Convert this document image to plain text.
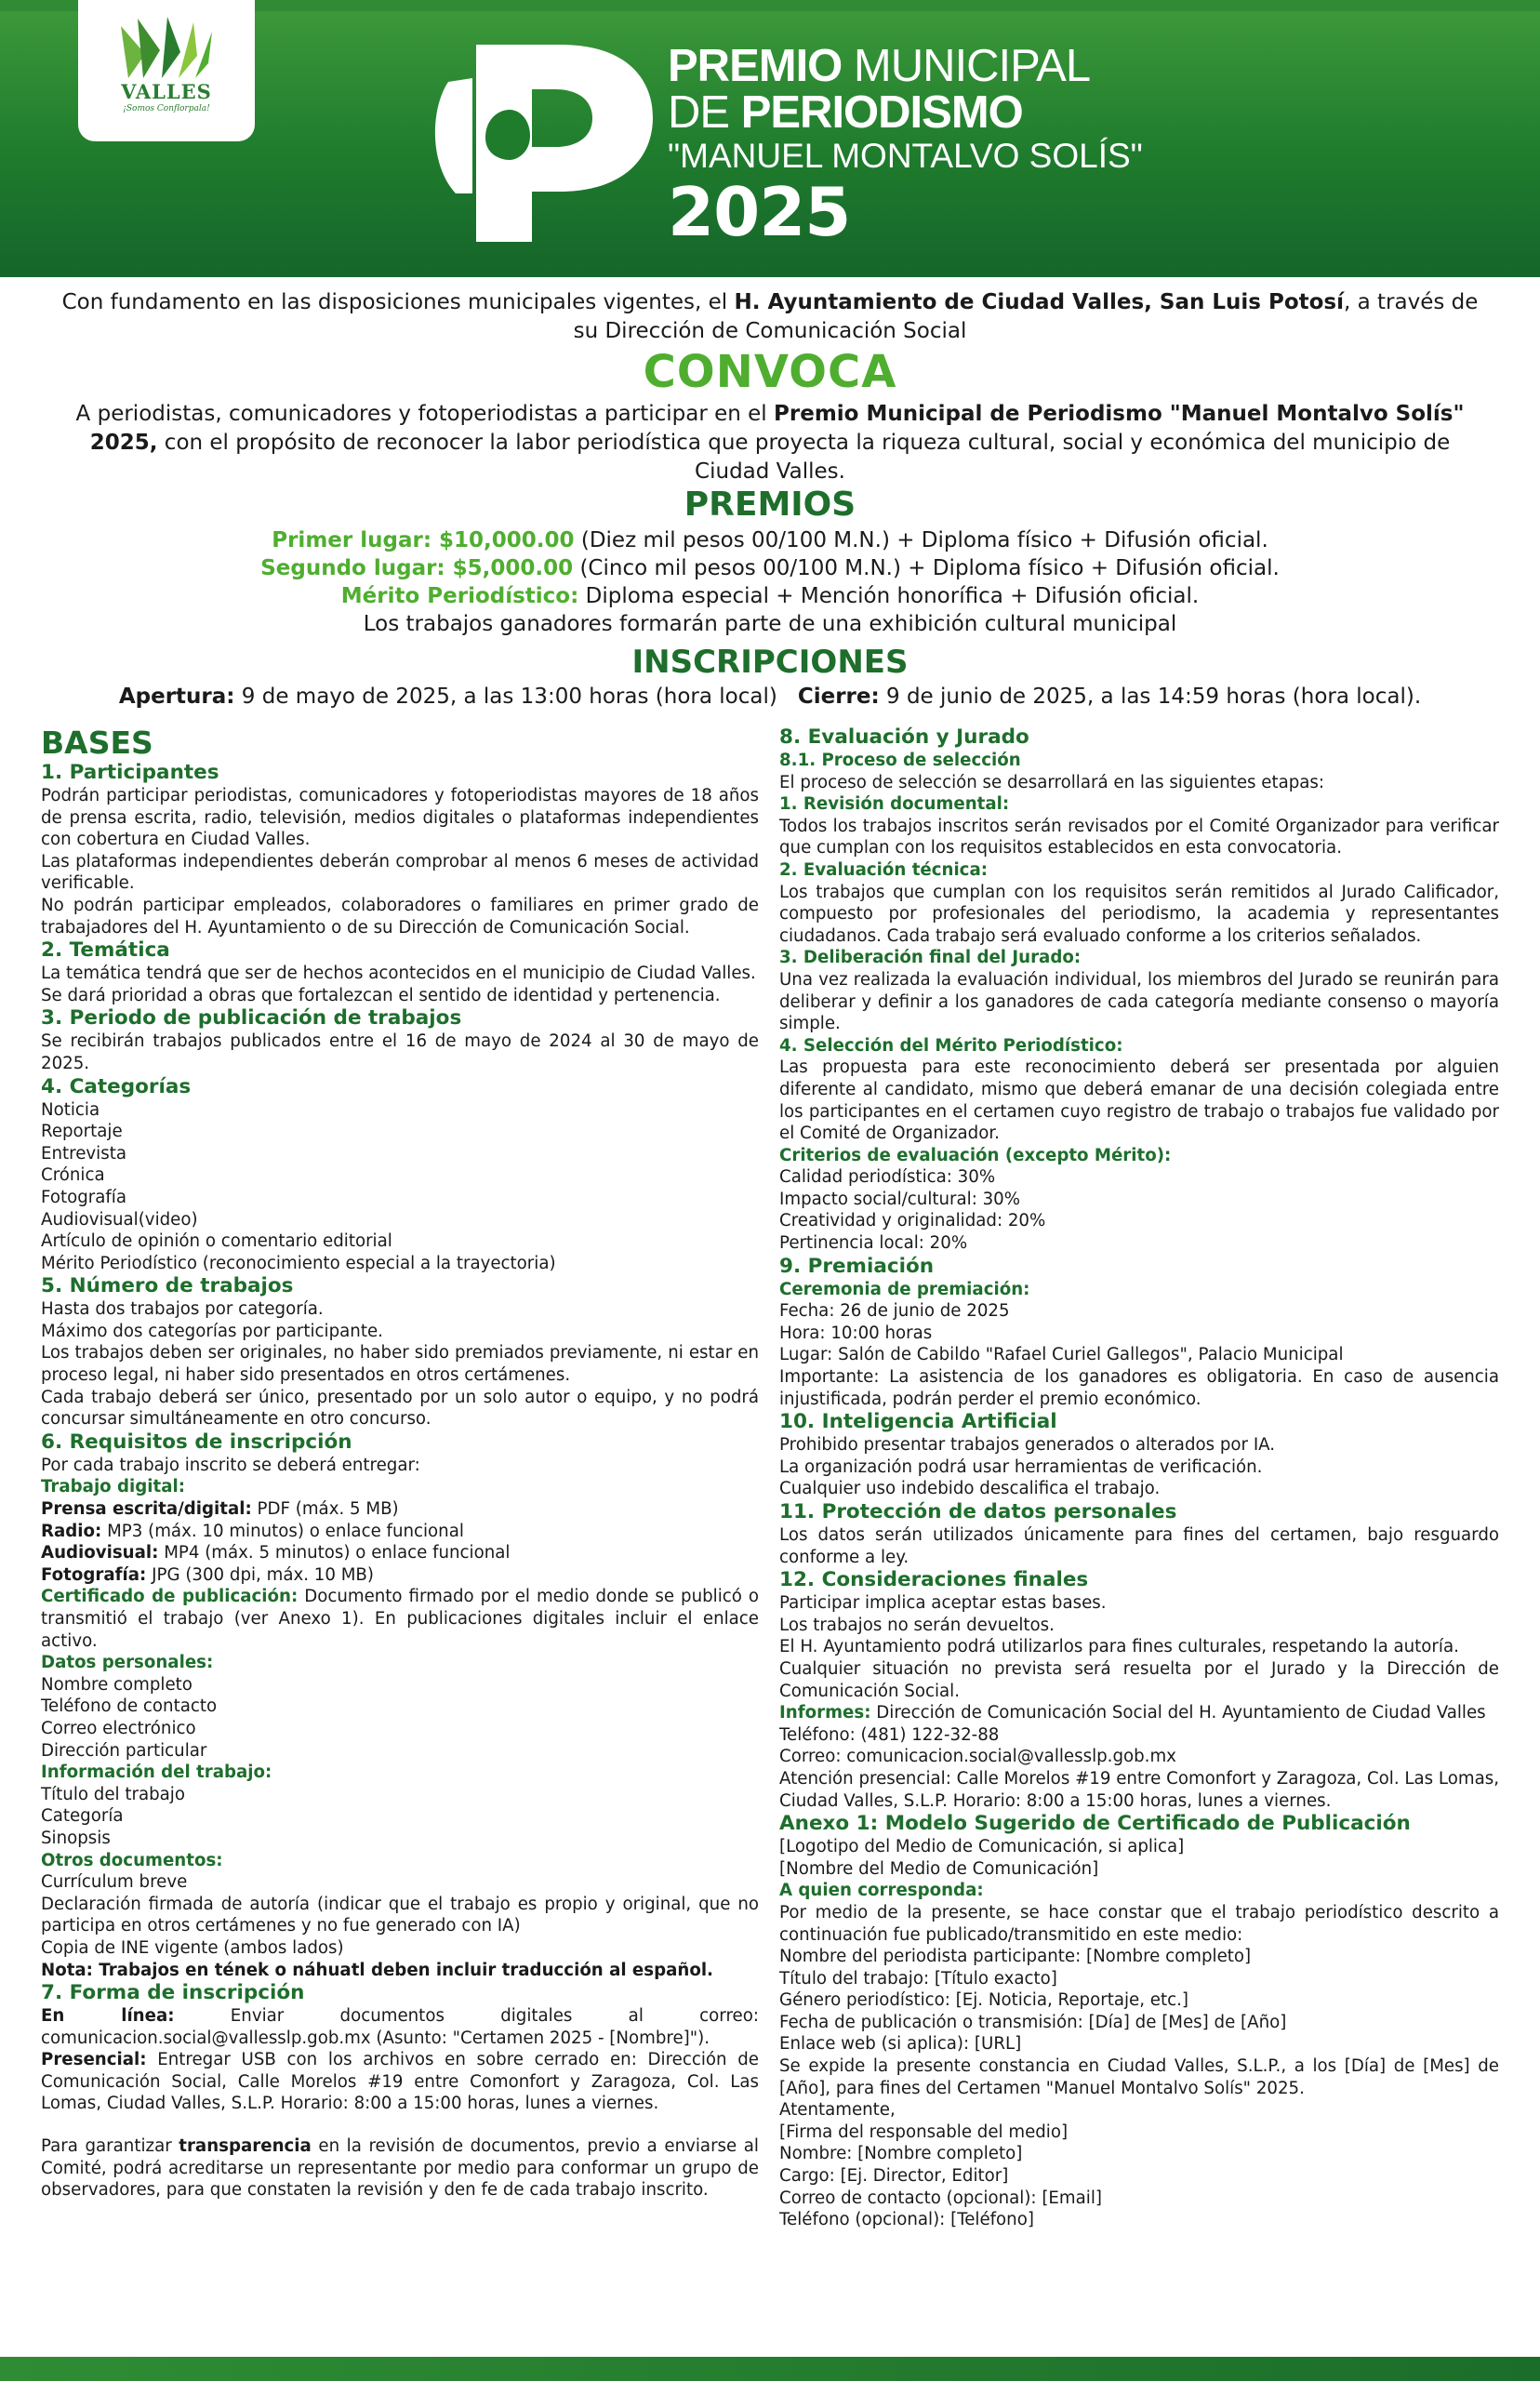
VALLES
¡Somos Conflorpala!
PREMIO MUNICIPAL
DE PERIODISMO
"MANUEL MONTALVO SOLÍS"
2025
Con fundamento en las disposiciones municipales vigentes, el H. Ayuntamiento de Ciudad Valles, San Luis Potosí, a través de su Dirección de Comunicación Social
CONVOCA
A periodistas, comunicadores y fotoperiodistas a participar en el Premio Municipal de Periodismo "Manuel Montalvo Solís" 2025, con el propósito de reconocer la labor periodística que proyecta la riqueza cultural, social y económica del municipio de Ciudad Valles.
PREMIOS
Primer lugar: $10,000.00 (Diez mil pesos 00/100 M.N.) + Diploma físico + Difusión oficial.
Segundo lugar: $5,000.00 (Cinco mil pesos 00/100 M.N.) + Diploma físico + Difusión oficial.
Mérito Periodístico: Diploma especial + Mención honorífica + Difusión oficial.
Los trabajos ganadores formarán parte de una exhibición cultural municipal
INSCRIPCIONES
Apertura: 9 de mayo de 2025, a las 13:00 horas (hora local) Cierre: 9 de junio de 2025, a las 14:59 horas (hora local).
BASES
1. Participantes
Podrán participar periodistas, comunicadores y fotoperiodistas mayores de 18 años de prensa escrita, radio, televisión, medios digitales o plataformas independientes con cobertura en Ciudad Valles.
Las plataformas independientes deberán comprobar al menos 6 meses de actividad verificable.
No podrán participar empleados, colaboradores o familiares en primer grado de trabajadores del H. Ayuntamiento o de su Dirección de Comunicación Social.
2. Temática
La temática tendrá que ser de hechos acontecidos en el municipio de Ciudad Valles.
Se dará prioridad a obras que fortalezcan el sentido de identidad y pertenencia.
3. Periodo de publicación de trabajos
Se recibirán trabajos publicados entre el 16 de mayo de 2024 al 30 de mayo de 2025.
4. Categorías
Noticia
Reportaje
Entrevista
Crónica
Fotografía
Audiovisual(video)
Artículo de opinión o comentario editorial
Mérito Periodístico (reconocimiento especial a la trayectoria)
5. Número de trabajos
Hasta dos trabajos por categoría.
Máximo dos categorías por participante.
Los trabajos deben ser originales, no haber sido premiados previamente, ni estar en proceso legal, ni haber sido presentados en otros certámenes.
Cada trabajo deberá ser único, presentado por un solo autor o equipo, y no podrá concursar simultáneamente en otro concurso.
6. Requisitos de inscripción
Por cada trabajo inscrito se deberá entregar:
Trabajo digital:
Prensa escrita/digital: PDF (máx. 5 MB)
Radio: MP3 (máx. 10 minutos) o enlace funcional
Audiovisual: MP4 (máx. 5 minutos) o enlace funcional
Fotografía: JPG (300 dpi, máx. 10 MB)
Certificado de publicación: Documento firmado por el medio donde se publicó o transmitió el trabajo (ver Anexo 1). En publicaciones digitales incluir el enlace activo.
Datos personales:
Nombre completo
Teléfono de contacto
Correo electrónico
Dirección particular
Información del trabajo:
Título del trabajo
Categoría
Sinopsis
Otros documentos:
Currículum breve
Declaración firmada de autoría (indicar que el trabajo es propio y original, que no participa en otros certámenes y no fue generado con IA)
Copia de INE vigente (ambos lados)
Nota: Trabajos en tének o náhuatl deben incluir traducción al español.
7. Forma de inscripción
En línea: Enviar documentos digitales al correo: comunicacion.social@vallesslp.gob.mx (Asunto: "Certamen 2025 - [Nombre]").
Presencial: Entregar USB con los archivos en sobre cerrado en: Dirección de Comunicación Social, Calle Morelos #19 entre Comonfort y Zaragoza, Col. Las Lomas, Ciudad Valles, S.L.P. Horario: 8:00 a 15:00 horas, lunes a viernes.
Para garantizar transparencia en la revisión de documentos, previo a enviarse al Comité, podrá acreditarse un representante por medio para conformar un grupo de observadores, para que constaten la revisión y den fe de cada trabajo inscrito.
8. Evaluación y Jurado
8.1. Proceso de selección
El proceso de selección se desarrollará en las siguientes etapas:
1. Revisión documental:
Todos los trabajos inscritos serán revisados por el Comité Organizador para verificar que cumplan con los requisitos establecidos en esta convocatoria.
2. Evaluación técnica:
Los trabajos que cumplan con los requisitos serán remitidos al Jurado Calificador, compuesto por profesionales del periodismo, la academia y representantes ciudadanos. Cada trabajo será evaluado conforme a los criterios señalados.
3. Deliberación final del Jurado:
Una vez realizada la evaluación individual, los miembros del Jurado se reunirán para deliberar y definir a los ganadores de cada categoría mediante consenso o mayoría simple.
4. Selección del Mérito Periodístico:
Las propuesta para este reconocimiento deberá ser presentada por alguien diferente al candidato, mismo que deberá emanar de una decisión colegiada entre los participantes en el certamen cuyo registro de trabajo o trabajos fue validado por el Comité de Organizador.
Criterios de evaluación (excepto Mérito):
Calidad periodística: 30%
Impacto social/cultural: 30%
Creatividad y originalidad: 20%
Pertinencia local: 20%
9. Premiación
Ceremonia de premiación:
Fecha: 26 de junio de 2025
Hora: 10:00 horas
Lugar: Salón de Cabildo "Rafael Curiel Gallegos", Palacio Municipal
Importante: La asistencia de los ganadores es obligatoria. En caso de ausencia injustificada, podrán perder el premio económico.
10. Inteligencia Artificial
Prohibido presentar trabajos generados o alterados por IA.
La organización podrá usar herramientas de verificación.
Cualquier uso indebido descalifica el trabajo.
11. Protección de datos personales
Los datos serán utilizados únicamente para fines del certamen, bajo resguardo conforme a ley.
12. Consideraciones finales
Participar implica aceptar estas bases.
Los trabajos no serán devueltos.
El H. Ayuntamiento podrá utilizarlos para fines culturales, respetando la autoría.
Cualquier situación no prevista será resuelta por el Jurado y la Dirección de Comunicación Social.
Informes: Dirección de Comunicación Social del H. Ayuntamiento de Ciudad Valles
Teléfono: (481) 122-32-88
Correo: comunicacion.social@vallesslp.gob.mx
Atención presencial: Calle Morelos #19 entre Comonfort y Zaragoza, Col. Las Lomas, Ciudad Valles, S.L.P. Horario: 8:00 a 15:00 horas, lunes a viernes.
Anexo 1: Modelo Sugerido de Certificado de Publicación
[Logotipo del Medio de Comunicación, si aplica]
[Nombre del Medio de Comunicación]
A quien corresponda:
Por medio de la presente, se hace constar que el trabajo periodístico descrito a continuación fue publicado/transmitido en este medio:
Nombre del periodista participante: [Nombre completo]
Título del trabajo: [Título exacto]
Género periodístico: [Ej. Noticia, Reportaje, etc.]
Fecha de publicación o transmisión: [Día] de [Mes] de [Año]
Enlace web (si aplica): [URL]
Se expide la presente constancia en Ciudad Valles, S.L.P., a los [Día] de [Mes] de [Año], para fines del Certamen "Manuel Montalvo Solís" 2025.
Atentamente,
[Firma del responsable del medio]
Nombre: [Nombre completo]
Cargo: [Ej. Director, Editor]
Correo de contacto (opcional): [Email]
Teléfono (opcional): [Teléfono]
